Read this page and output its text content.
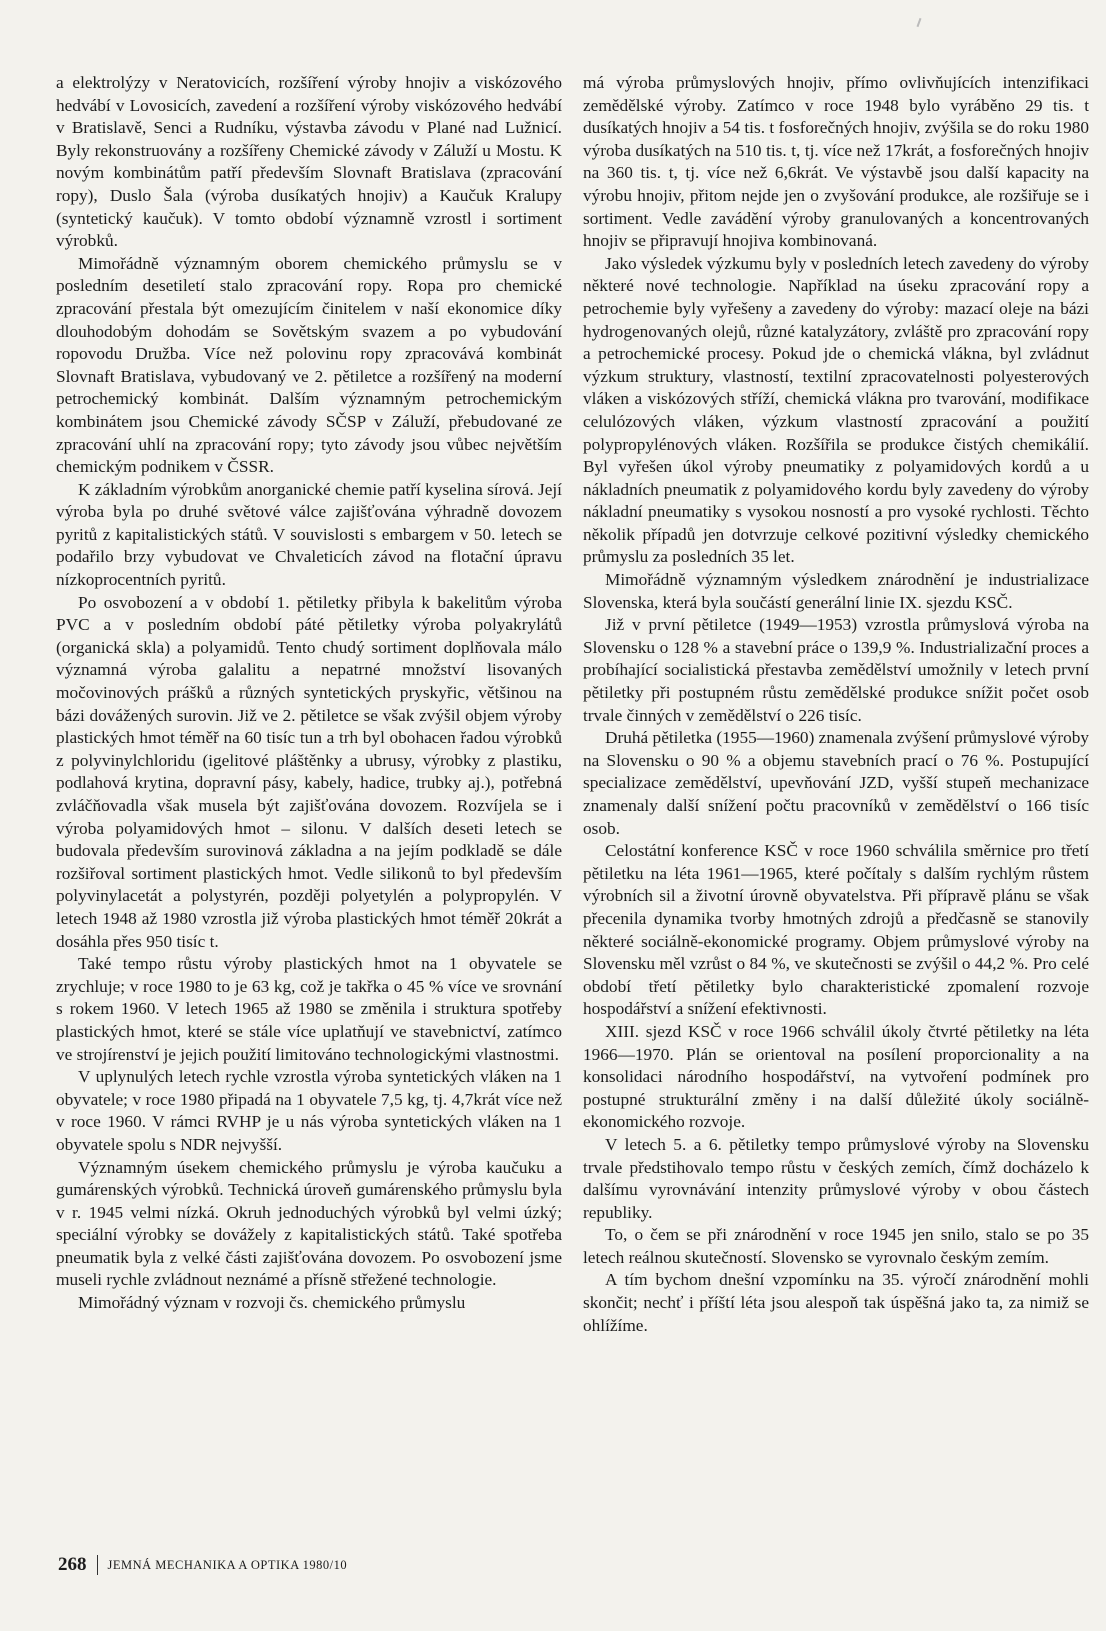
a elektrolýzy v Neratovicích, rozšíření výroby hnojiv a viskózového hedvábí v Lovosicích, zavedení a rozšíření výroby viskózového hedvábí v Bratislavě, Senci a Rudníku, výstavba závodu v Plané nad Lužnicí. Byly rekonstruovány a rozšířeny Chemické závody v Záluží u Mostu. K novým kombinátům patří především Slovnaft Bratislava (zpracování ropy), Duslo Šala (výroba dusíkatých hnojiv) a Kaučuk Kralupy (syntetický kaučuk). V tomto období významně vzrostl i sortiment výrobků.

Mimořádně významným oborem chemického průmyslu se v posledním desetiletí stalo zpracování ropy. Ropa pro chemické zpracování přestala být omezujícím činitelem v naší ekonomice díky dlouhodobým dohodám se Sovětským svazem a po vybudování ropovodu Družba. Více než polovinu ropy zpracovává kombinát Slovnaft Bratislava, vybudovaný ve 2. pětiletce a rozšířený na moderní petrochemický kombinát. Dalším významným petrochemickým kombinátem jsou Chemické závody SČSP v Záluží, přebudované ze zpracování uhlí na zpracování ropy; tyto závody jsou vůbec největším chemickým podnikem v ČSSR.

K základním výrobkům anorganické chemie patří kyselina sírová. Její výroba byla po druhé světové válce zajišťována výhradně dovozem pyritů z kapitalistických států. V souvislosti s embargem v 50. letech se podařilo brzy vybudovat ve Chvaleticích závod na flotační úpravu nízkoprocentních pyritů.

Po osvobození a v období 1. pětiletky přibyla k bakelitům výroba PVC a v posledním období páté pětiletky výroba polyakrylátů (organická skla) a polyamidů. Tento chudý sortiment doplňovala málo významná výroba galalitu a nepatrné množství lisovaných močovinových prášků a různých syntetických pryskyřic, většinou na bázi dovážených surovin. Již ve 2. pětiletce se však zvýšil objem výroby plastických hmot téměř na 60 tisíc tun a trh byl obohacen řadou výrobků z polyvinylchloridu (igelitové pláštěnky a ubrusy, výrobky z plastiku, podlahová krytina, dopravní pásy, kabely, hadice, trubky aj.), potřebná zvláčňovadla však musela být zajišťována dovozem. Rozvíjela se i výroba polyamidových hmot – silonu. V dalších deseti letech se budovala především surovinová základna a na jejím podkladě se dále rozšiřoval sortiment plastických hmot. Vedle silikonů to byl především polyvinylacetát a polystyrén, později polyetylén a polypropylén. V letech 1948 až 1980 vzrostla již výroba plastických hmot téměř 20krát a dosáhla přes 950 tisíc t.

Také tempo růstu výroby plastických hmot na 1 obyvatele se zrychluje; v roce 1980 to je 63 kg, což je takřka o 45 % více ve srovnání s rokem 1960. V letech 1965 až 1980 se změnila i struktura spotřeby plastických hmot, které se stále více uplatňují ve stavebnictví, zatímco ve strojírenství je jejich použití limitováno technologickými vlastnostmi.

V uplynulých letech rychle vzrostla výroba syntetických vláken na 1 obyvatele; v roce 1980 připadá na 1 obyvatele 7,5 kg, tj. 4,7krát více než v roce 1960. V rámci RVHP je u nás výroba syntetických vláken na 1 obyvatele spolu s NDR nejvyšší.

Významným úsekem chemického průmyslu je výroba kaučuku a gumárenských výrobků. Technická úroveň gumárenského průmyslu byla v r. 1945 velmi nízká. Okruh jednoduchých výrobků byl velmi úzký; speciální výrobky se dovážely z kapitalistických států. Také spotřeba pneumatik byla z velké části zajišťována dovozem. Po osvobození jsme museli rychle zvládnout neznámé a přísně střežené technologie.

Mimořádný význam v rozvoji čs. chemického průmyslu

má výroba průmyslových hnojiv, přímo ovlivňujících intenzifikaci zemědělské výroby. Zatímco v roce 1948 bylo vyráběno 29 tis. t dusíkatých hnojiv a 54 tis. t fosforečných hnojiv, zvýšila se do roku 1980 výroba dusíkatých na 510 tis. t, tj. více než 17krát, a fosforečných hnojiv na 360 tis. t, tj. více než 6,6krát. Ve výstavbě jsou další kapacity na výrobu hnojiv, přitom nejde jen o zvyšování produkce, ale rozšiřuje se i sortiment. Vedle zavádění výroby granulovaných a koncentrovaných hnojiv se připravují hnojiva kombinovaná.

Jako výsledek výzkumu byly v posledních letech zavedeny do výroby některé nové technologie. Například na úseku zpracování ropy a petrochemie byly vyřešeny a zavedeny do výroby: mazací oleje na bázi hydrogenovaných olejů, různé katalyzátory, zvláště pro zpracování ropy a petrochemické procesy. Pokud jde o chemická vlákna, byl zvládnut výzkum struktury, vlastností, textilní zpracovatelnosti polyesterových vláken a viskózových stříží, chemická vlákna pro tvarování, modifikace celulózových vláken, výzkum vlastností zpracování a použití polypropylénových vláken. Rozšířila se produkce čistých chemikálií. Byl vyřešen úkol výroby pneumatiky z polyamidových kordů a u nákladních pneumatik z polyamidového kordu byly zavedeny do výroby nákladní pneumatiky s vysokou nosností a pro vysoké rychlosti. Těchto několik případů jen dotvrzuje celkové pozitivní výsledky chemického průmyslu za posledních 35 let.

Mimořádně významným výsledkem znárodnění je industrializace Slovenska, která byla součástí generální linie IX. sjezdu KSČ.

Již v první pětiletce (1949—1953) vzrostla průmyslová výroba na Slovensku o 128 % a stavební práce o 139,9 %. Industrializační proces a probíhající socialistická přestavba zemědělství umožnily v letech první pětiletky při postupném růstu zemědělské produkce snížit počet osob trvale činných v zemědělství o 226 tisíc.

Druhá pětiletka (1955—1960) znamenala zvýšení průmyslové výroby na Slovensku o 90 % a objemu stavebních prací o 76 %. Postupující specializace zemědělství, upevňování JZD, vyšší stupeň mechanizace znamenaly další snížení počtu pracovníků v zemědělství o 166 tisíc osob.

Celostátní konference KSČ v roce 1960 schválila směrnice pro třetí pětiletku na léta 1961—1965, které počítaly s dalším rychlým růstem výrobních sil a životní úrovně obyvatelstva. Při přípravě plánu se však přecenila dynamika tvorby hmotných zdrojů a předčasně se stanovily některé sociálně-ekonomické programy. Objem průmyslové výroby na Slovensku měl vzrůst o 84 %, ve skutečnosti se zvýšil o 44,2 %. Pro celé období třetí pětiletky bylo charakteristické zpomalení rozvoje hospodářství a snížení efektivnosti.

XIII. sjezd KSČ v roce 1966 schválil úkoly čtvrté pětiletky na léta 1966—1970. Plán se orientoval na posílení proporcionality a na konsolidaci národního hospodářství, na vytvoření podmínek pro postupné strukturální změny i na další důležité úkoly sociálně-ekonomického rozvoje.

V letech 5. a 6. pětiletky tempo průmyslové výroby na Slovensku trvale předstihovalo tempo růstu v českých zemích, čímž docházelo k dalšímu vyrovnávání intenzity průmyslové výroby v obou částech republiky.

To, o čem se při znárodnění v roce 1945 jen snilo, stalo se po 35 letech reálnou skutečností. Slovensko se vyrovnalo českým zemím.

A tím bychom dnešní vzpomínku na 35. výročí znárodnění mohli skončit; nechť i příští léta jsou alespoň tak úspěšná jako ta, za nimiž se ohlížíme.

268 JEMNÁ MECHANIKA A OPTIKA 1980/10
